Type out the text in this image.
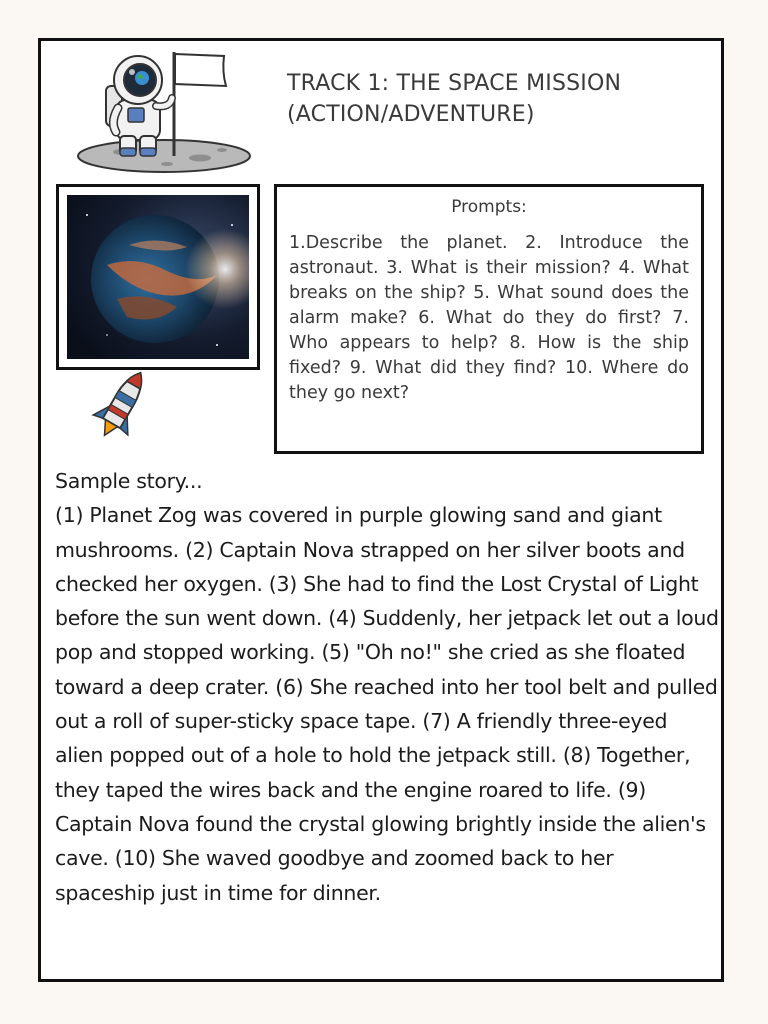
TRACK 1: THE SPACE MISSION
(ACTION/ADVENTURE)

Prompts:

1.Describe the planet. 2. Introduce the astronaut. 3. What is their mission? 4. What breaks on the ship? 5. What sound does the alarm make? 6. What do they do first? 7. Who appears to help? 8. How is the ship fixed? 9. What did they find? 10. Where do they go next?

Sample story...

(1) Planet Zog was covered in purple glowing sand and giant mushrooms. (2) Captain Nova strapped on her silver boots and checked her oxygen. (3) She had to find the Lost Crystal of Light before the sun went down. (4) Suddenly, her jetpack let out a loud pop and stopped working. (5) "Oh no!" she cried as she floated toward a deep crater. (6) She reached into her tool belt and pulled out a roll of super-sticky space tape. (7) A friendly three-eyed alien popped out of a hole to hold the jetpack still. (8) Together, they taped the wires back and the engine roared to life. (9) Captain Nova found the crystal glowing brightly inside the alien's cave. (10) She waved goodbye and zoomed back to her spaceship just in time for dinner.
